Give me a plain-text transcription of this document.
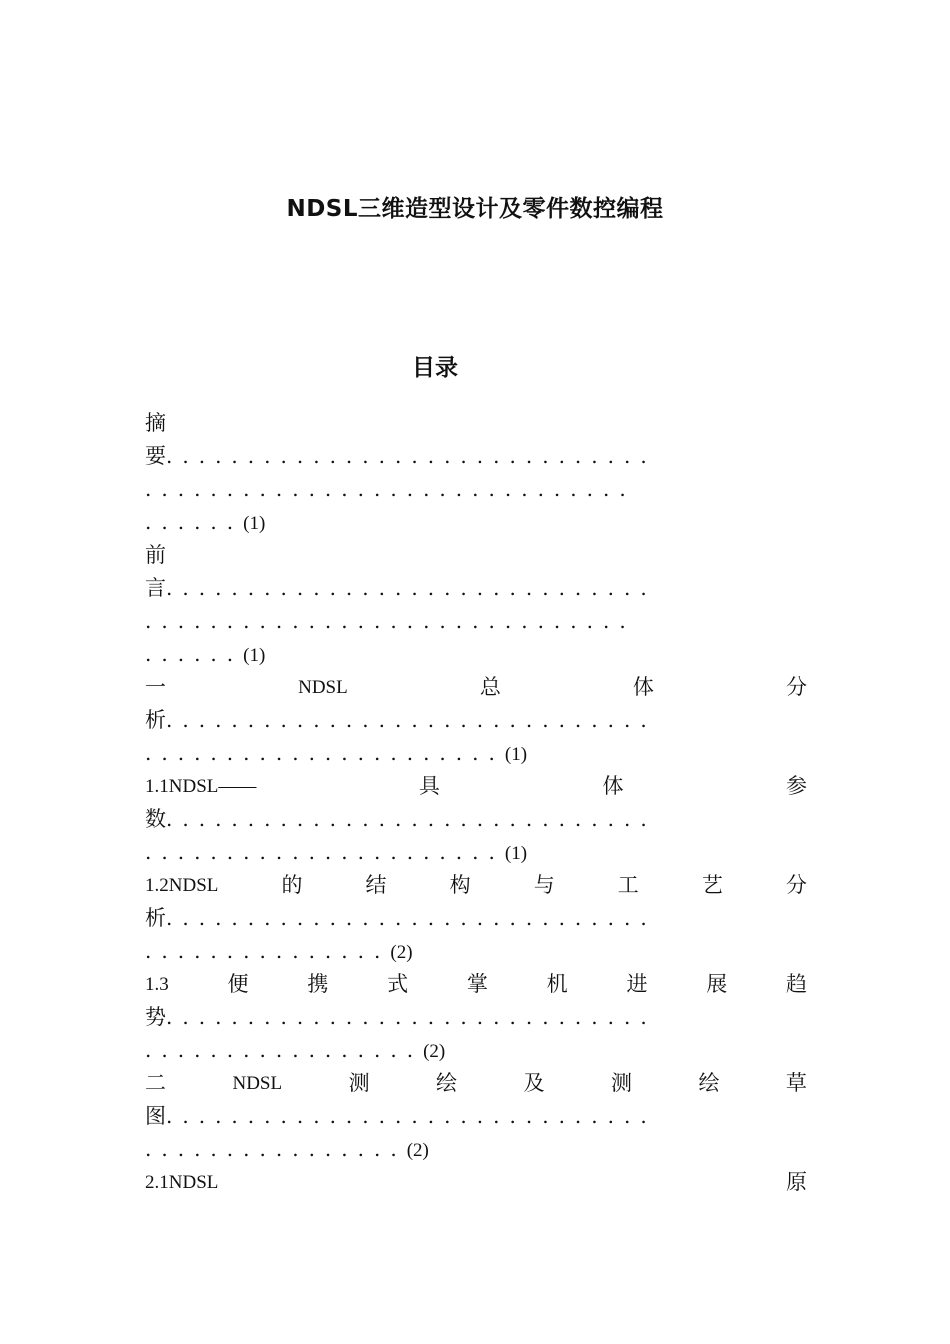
NDSL三维造型设计及零件数控编程
目录
摘
要..............................
..............................
......(1)
前
言..............................
..............................
......(1)
一	NDSL	总	体	分
析..............................
......................(1)
1.1NDSL——	具	体	参
数..............................
......................(1)
1.2NDSL	的	结	构	与	工	艺	分
析..............................
...............(2)
1.3	便	携	式	掌	机	进	展	趋
势..............................
.................(2)
二	NDSL	测	绘	及	测	绘	草
图..............................
................(2)
2.1NDSL	原
